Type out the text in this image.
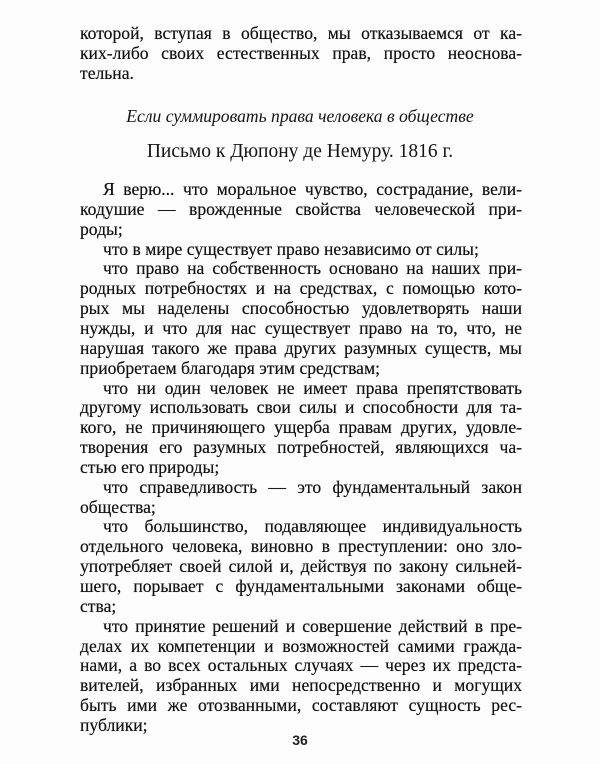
которой, вступая в общество, мы отказываемся от ка-
ких-либо своих естественных прав, просто неоснова-
тельна.
Если суммировать права человека в обществе
Письмо к Дюпону де Немуру. 1816 г.
Я верю... что моральное чувство, сострадание, вели-
кодушие — врожденные свойства человеческой при-
роды;
что в мире существует право независимо от силы;
что право на собственность основано на наших при-
родных потребностях и на средствах, с помощью кото-
рых мы наделены способностью удовлетворять наши
нужды, и что для нас существует право на то, что, не
нарушая такого же права других разумных существ, мы
приобретаем благодаря этим средствам;
что ни один человек не имеет права препятствовать
другому использовать свои силы и способности для та-
кого, не причиняющего ущерба правам других, удовле-
творения его разумных потребностей, являющихся ча-
стью его природы;
что справедливость — это фундаментальный закон
общества;
что большинство, подавляющее индивидуальность
отдельного человека, виновно в преступлении: оно зло-
употребляет своей силой и, действуя по закону сильней-
шего, порывает с фундаментальными законами обще-
ства;
что принятие решений и совершение действий в пре-
делах их компетенции и возможностей самими гражда-
нами, а во всех остальных случаях — через их предста-
вителей, избранных ими непосредственно и могущих
быть ими же отозванными, составляют сущность рес-
публики;
36
